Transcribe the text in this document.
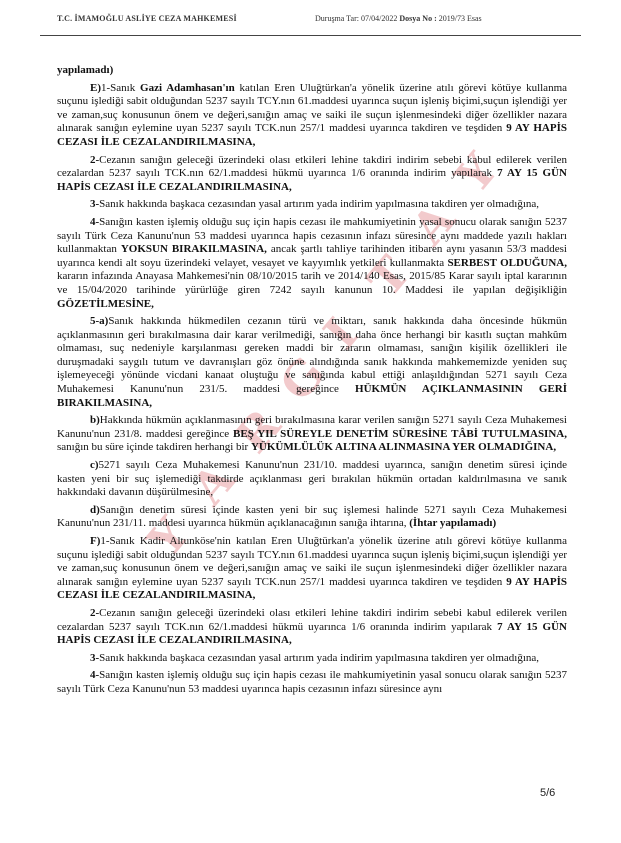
T.C. İMAMOĞLU ASLİYE CEZA MAHKEMESİ	Duruşma Tar: 07/04/2022 Dosya No : 2019/73 Esas
Y
A
R
G
I
T
A
Y

yapılamadı)

E)1-Sanık Gazi Adamhasan'ın katılan Eren Uluğtürkan'a yönelik üzerine atılı görevi kötüye kullanma suçunu işlediği sabit olduğundan 5237 sayılı TCY.nın 61.maddesi uyarınca suçun işleniş biçimi,suçun işlendiği yer ve zaman,suç konusunun önem ve değeri,sanığın amaç ve saiki ile suçun işlenmesindeki diğer özellikler nazara alınarak sanığın eylemine uyan 5237 sayılı TCK.nun 257/1 maddesi uyarınca takdiren ve teşdiden 9 AY HAPİS CEZASI İLE CEZALANDIRILMASINA,

2-Cezanın sanığın geleceği üzerindeki olası etkileri lehine takdiri indirim sebebi kabul edilerek verilen cezalardan 5237 sayılı TCK.nın 62/1.maddesi hükmü uyarınca 1/6 oranında indirim yapılarak 7 AY 15 GÜN HAPİS CEZASI İLE CEZALANDIRILMASINA,

3-Sanık hakkında başkaca cezasından yasal artırım yada indirim yapılmasına takdiren yer olmadığına,

4-Sanığın kasten işlemiş olduğu suç için hapis cezası ile mahkumiyetinin yasal sonucu olarak sanığın 5237 sayılı Türk Ceza Kanunu'nun 53 maddesi uyarınca hapis cezasının infazı süresince aynı maddede yazılı hakları kullanmaktan YOKSUN BIRAKILMASINA, ancak şartlı tahliye tarihinden itibaren aynı yasanın 53/3 maddesi uyarınca kendi alt soyu üzerindeki velayet, vesayet ve kayyımlık yetkileri kullanmakta SERBEST OLDUĞUNA, kararın infazında Anayasa Mahkemesi'nin 08/10/2015 tarih ve 2014/140 Esas, 2015/85 Karar sayılı iptal kararının ve 15/04/2020 tarihinde yürürlüğe giren 7242 sayılı kanunun 10. Maddesi ile yapılan değişikliğin GÖZETİLMESİNE,

5-a)Sanık hakkında hükmedilen cezanın türü ve miktarı, sanık hakkında daha öncesinde hükmün açıklanmasının geri bırakılmasına dair karar verilmediği, sanığın daha önce herhangi bir kasıtlı suçtan mahkûm olmaması, suç nedeniyle karşılanması gereken maddi bir zararın olmaması, sanığın kişilik özellikleri ile duruşmadaki saygılı tutum ve davranışları göz önüne alındığında sanık hakkında mahkememizde yeniden suç işlemeyeceği yönünde vicdani kanaat oluştuğu ve sanığında kabul ettiği anlaşıldığından 5271 sayılı Ceza Muhakemesi Kanunu'nun 231/5. maddesi gereğince HÜKMÜN AÇIKLANMASININ GERİ BIRAKILMASINA,

b)Hakkında hükmün açıklanmasının geri bırakılmasına karar verilen sanığın 5271 sayılı Ceza Muhakemesi Kanunu'nun 231/8. maddesi gereğince BEŞ YIL SÜREYLE DENETİM SÜRESİNE TÂBİ TUTULMASINA, sanığın bu süre içinde takdiren herhangi bir YÜKÜMLÜLÜK ALTINA ALINMASINA YER OLMADIĞINA,

c)5271 sayılı Ceza Muhakemesi Kanunu'nun 231/10. maddesi uyarınca, sanığın denetim süresi içinde kasten yeni bir suç işlemediği takdirde açıklanması geri bırakılan hükmün ortadan kaldırılmasına ve sanık hakkındaki davanın düşürülmesine,

d)Sanığın denetim süresi içinde kasten yeni bir suç işlemesi halinde 5271 sayılı Ceza Muhakemesi Kanunu'nun 231/11. maddesi uyarınca hükmün açıklanacağının sanığa ihtarına, (İhtar yapılamadı)

F)1-Sanık Kadir Altunköse'nin katılan Eren Uluğtürkan'a yönelik üzerine atılı görevi kötüye kullanma suçunu işlediği sabit olduğundan 5237 sayılı TCY.nın 61.maddesi uyarınca suçun işleniş biçimi,suçun işlendiği yer ve zaman,suç konusunun önem ve değeri,sanığın amaç ve saiki ile suçun işlenmesindeki diğer özellikler nazara alınarak sanığın eylemine uyan 5237 sayılı TCK.nun 257/1 maddesi uyarınca takdiren ve teşdiden 9 AY HAPİS CEZASI İLE CEZALANDIRILMASINA,

2-Cezanın sanığın geleceği üzerindeki olası etkileri lehine takdiri indirim sebebi kabul edilerek verilen cezalardan 5237 sayılı TCK.nın 62/1.maddesi hükmü uyarınca 1/6 oranında indirim yapılarak 7 AY 15 GÜN HAPİS CEZASI İLE CEZALANDIRILMASINA,

3-Sanık hakkında başkaca cezasından yasal artırım yada indirim yapılmasına takdiren yer olmadığına,

4-Sanığın kasten işlemiş olduğu suç için hapis cezası ile mahkumiyetinin yasal sonucu olarak sanığın 5237 sayılı Türk Ceza Kanunu'nun 53 maddesi uyarınca hapis cezasının infazı süresince aynı

5/6
